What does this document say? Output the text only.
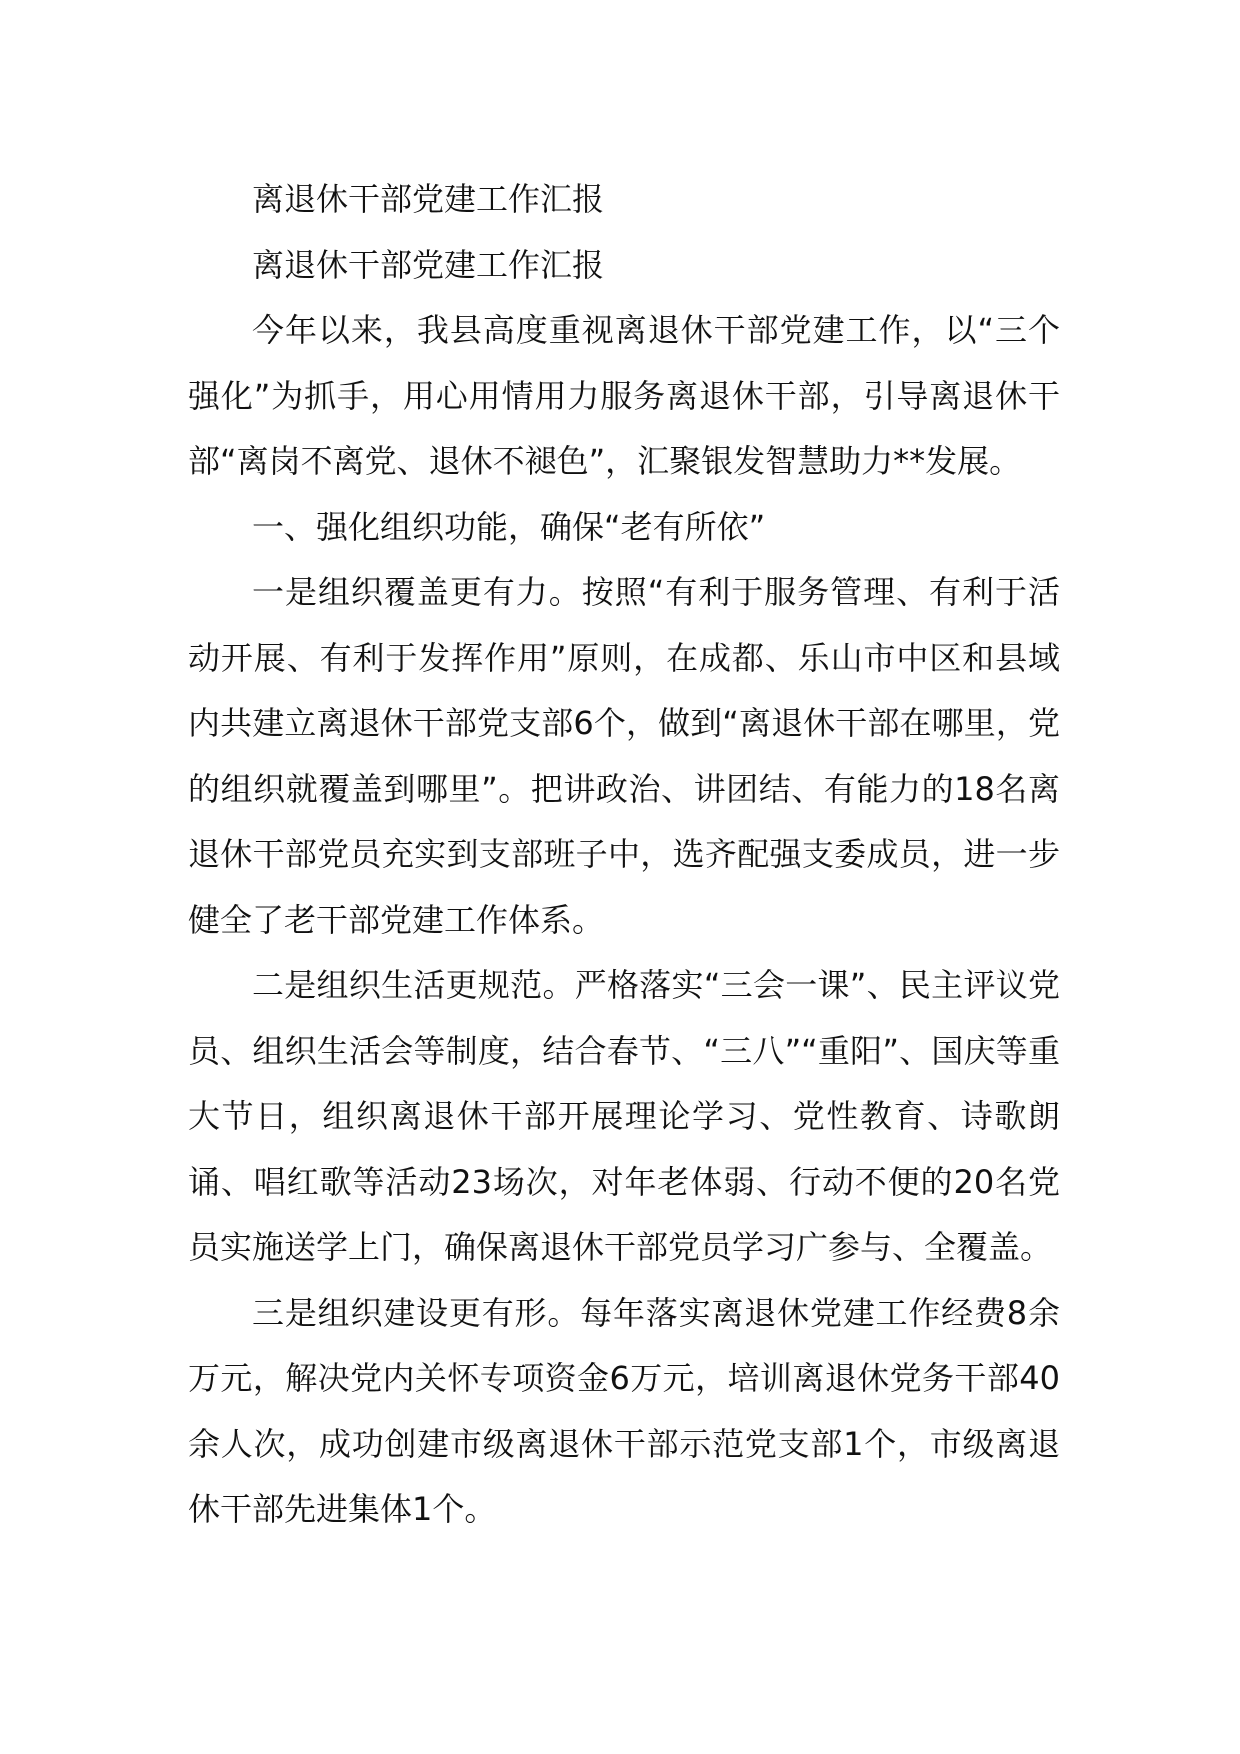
离退休干部党建工作汇报

离退休干部党建工作汇报

今年以来，我县高度重视离退休干部党建工作，以“三个强化”为抓手，用心用情用力服务离退休干部，引导离退休干部“离岗不离党、退休不褪色”，汇聚银发智慧助力**发展。

一、强化组织功能，确保“老有所依”

一是组织覆盖更有力。按照“有利于服务管理、有利于活动开展、有利于发挥作用”原则，在成都、乐山市中区和县域内共建立离退休干部党支部6个，做到“离退休干部在哪里，党的组织就覆盖到哪里”。把讲政治、讲团结、有能力的18名离退休干部党员充实到支部班子中，选齐配强支委成员，进一步健全了老干部党建工作体系。

二是组织生活更规范。严格落实“三会一课”、民主评议党员、组织生活会等制度，结合春节、“三八”“重阳”、国庆等重大节日，组织离退休干部开展理论学习、党性教育、诗歌朗诵、唱红歌等活动23场次，对年老体弱、行动不便的20名党员实施送学上门，确保离退休干部党员学习广参与、全覆盖。

三是组织建设更有形。每年落实离退休党建工作经费8余万元，解决党内关怀专项资金6万元，培训离退休党务干部40余人次，成功创建市级离退休干部示范党支部1个，市级离退休干部先进集体1个。
